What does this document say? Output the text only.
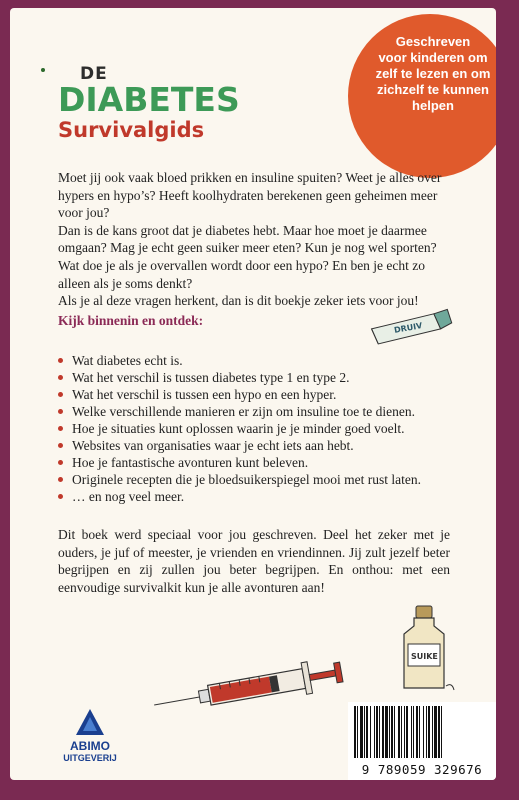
DE
DIABETES
Survivalgids
Geschreven
voor kinderen om
zelf te lezen en om
zichzelf te kunnen
helpen

Moet jij ook vaak bloed prikken en insuline spuiten? Weet je alles over hypers en hypo’s? Heeft koolhydraten berekenen geen geheimen meer voor jou?

Dan is de kans groot dat je diabetes hebt. Maar hoe moet je daarmee omgaan? Mag je echt geen suiker meer eten? Kun je nog wel sporten? Wat doe je als je overvallen wordt door een hypo? En ben je echt zo alleen als je soms denkt?

Als je al deze vragen herkent, dan is dit boekje zeker iets voor jou!

Kijk binnenin en ontdek:	DRUIV
Wat diabetes echt is.
Wat het verschil is tussen diabetes type 1 en type 2.
Wat het verschil is tussen een hypo en een hyper.
Welke verschillende manieren er zijn om insuline toe te dienen.
Hoe je situaties kunt oplossen waarin je je minder goed voelt.
Websites van organisaties waar je echt iets aan hebt.
Hoe je fantastische avonturen kunt beleven.
Originele recepten die je bloedsuikerspiegel mooi met rust laten.
… en nog veel meer.
Dit boek werd speciaal voor jou geschreven. Deel het zeker met je ouders, je juf of meester, je vrienden en vriendinnen. Jij zult jezelf beter begrijpen en zij zullen jou beter begrijpen. En onthou: met een eenvoudige survivalkit kun je alle avonturen aan!
SUIKE
ABIMO
UITGEVERIJ
9 789059 329676
